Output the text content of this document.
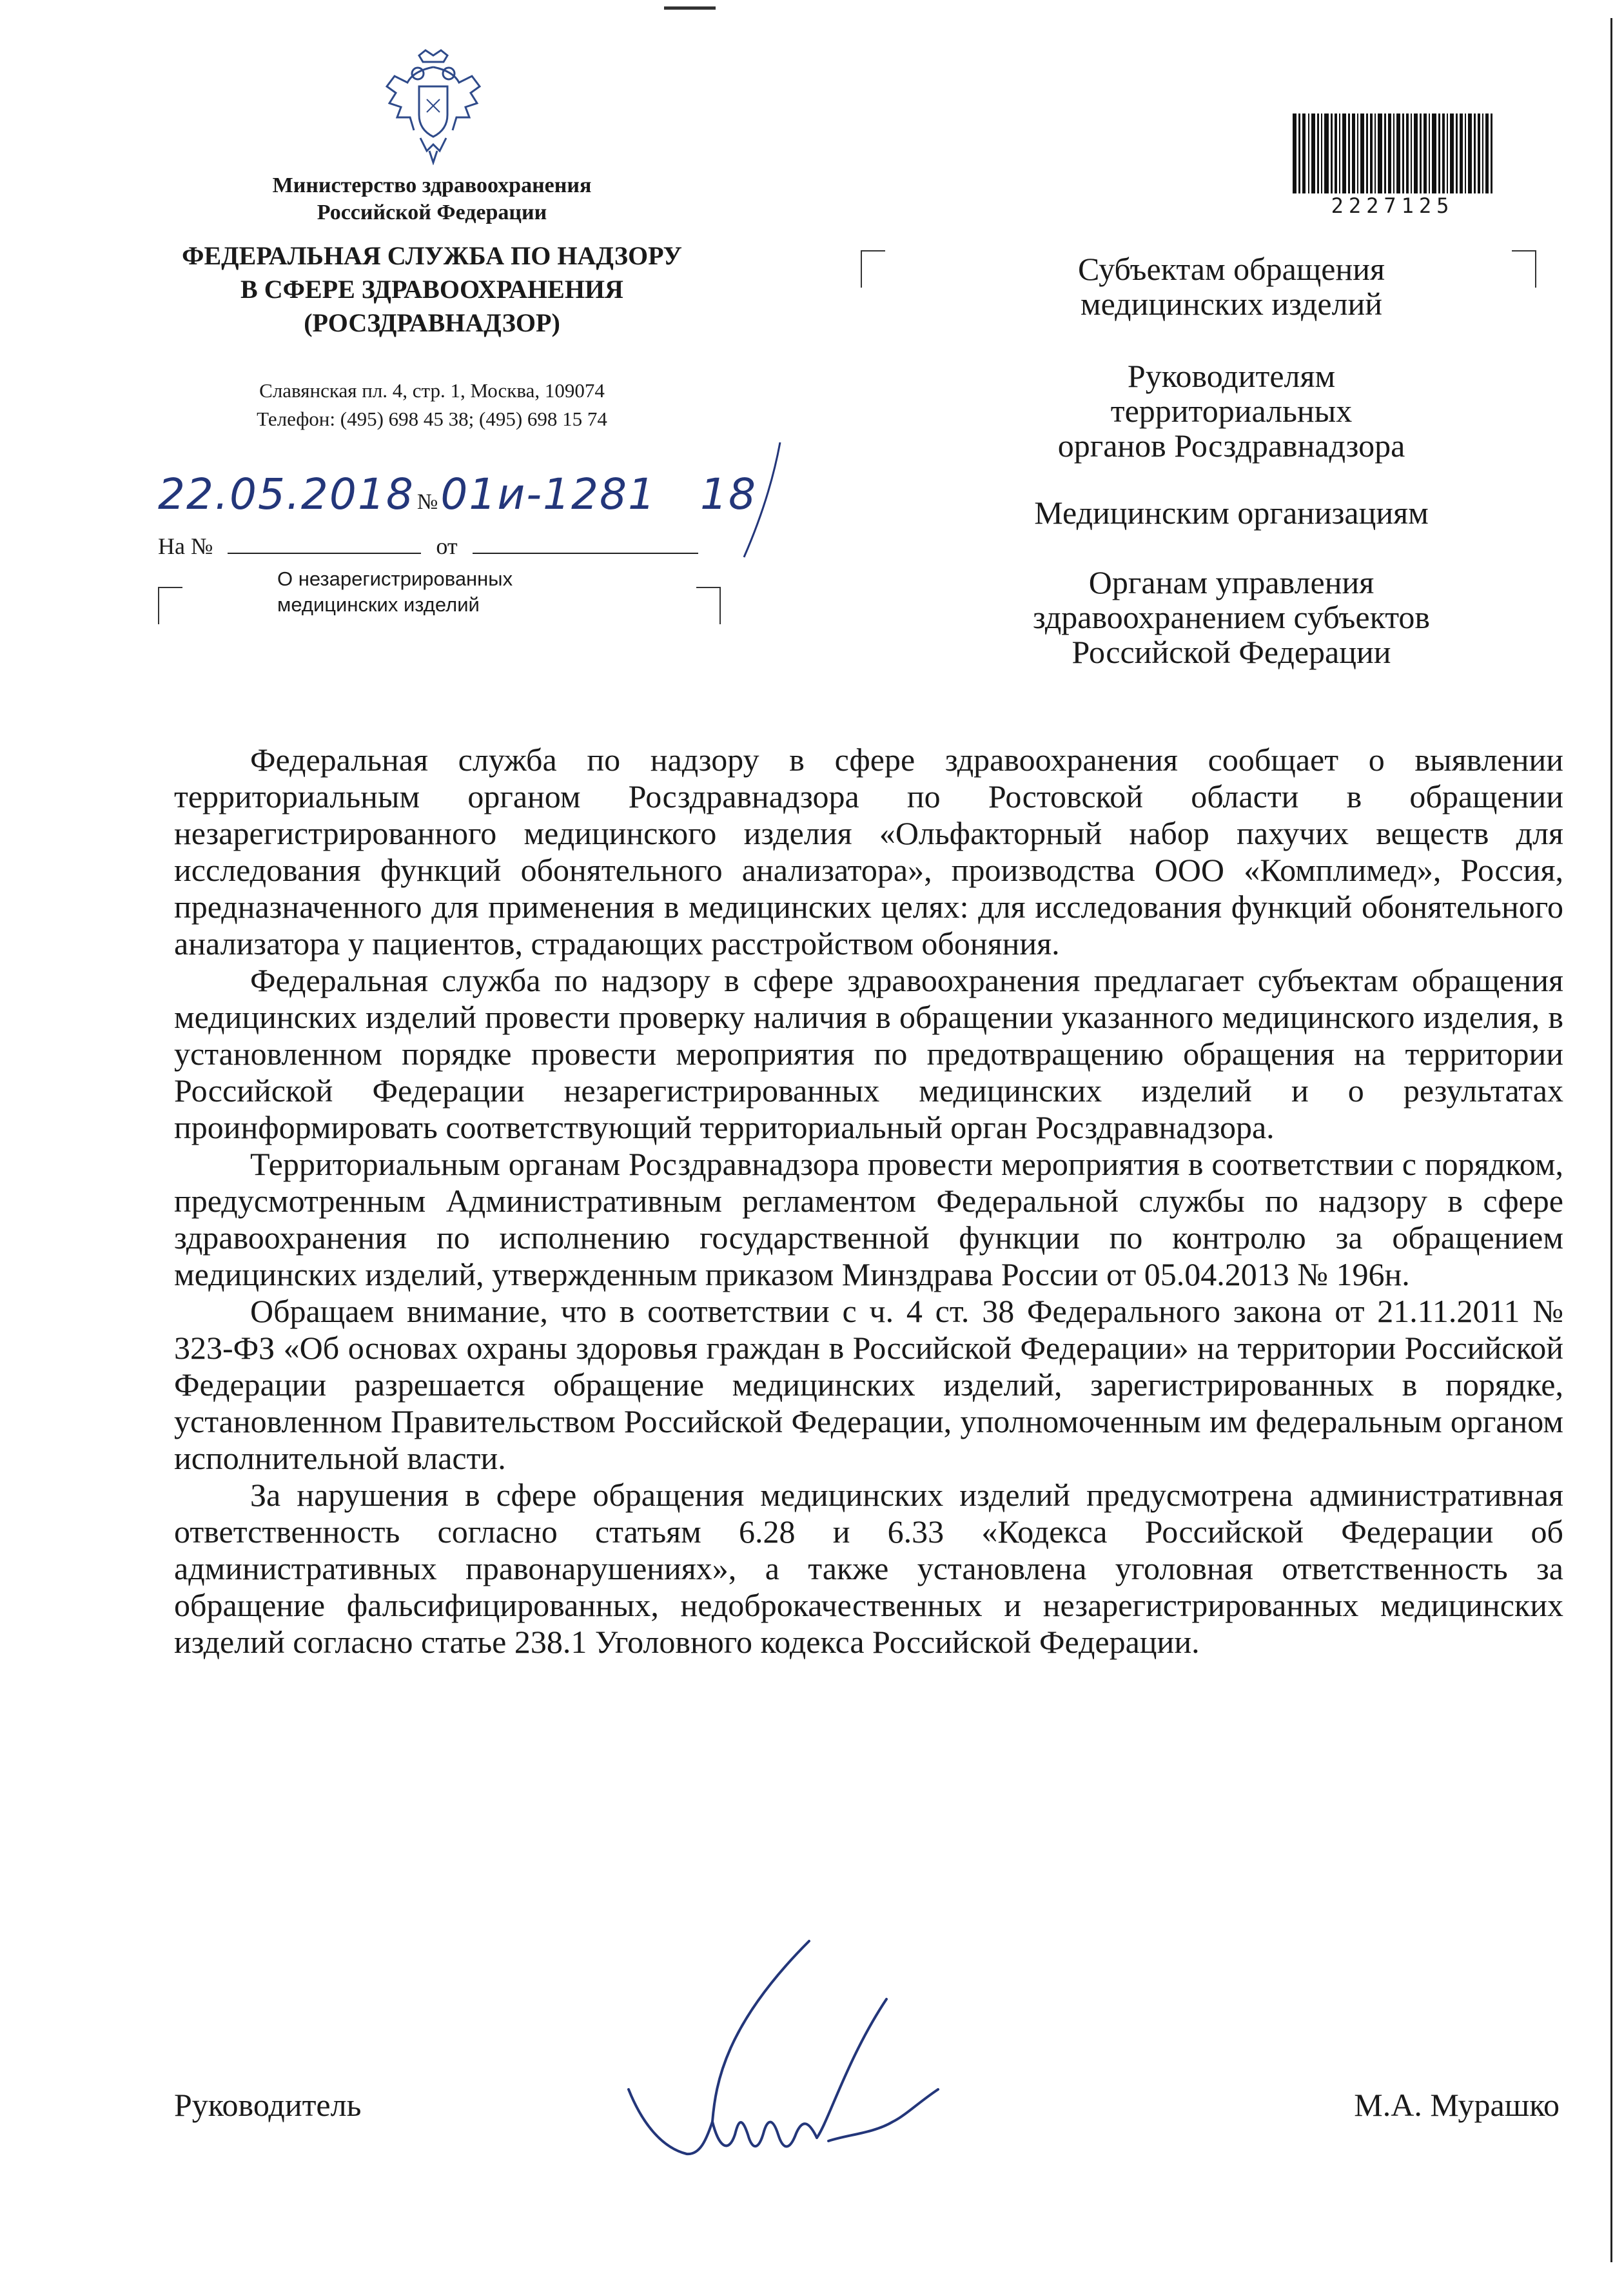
Министерство здравоохранения
Российской Федерации
ФЕДЕРАЛЬНАЯ СЛУЖБА ПО НАДЗОРУ
В СФЕРЕ ЗДРАВООХРАНЕНИЯ
(РОСЗДРАВНАДЗОР)
Славянская пл. 4, стр. 1, Москва, 109074
Телефон: (495) 698 45 38; (495) 698 15 74
22.05.2018 № 01и-1281 18
На №	от
О незарегистрированных
медицинских изделий
2227125
Субъектам обращения
медицинских изделий
Руководителям
территориальных
органов Росздравнадзора
Медицинским организациям
Органам управления
здравоохранением субъектов
Российской Федерации

Федеральная служба по надзору в сфере здравоохранения сообщает о выявлении территориальным органом Росздравнадзора по Ростовской области в обращении незарегистрированного медицинского изделия «Ольфакторный набор пахучих веществ для исследования функций обонятельного анализатора», производства ООО «Комплимед», Россия, предназначенного для применения в медицинских целях: для исследования функций обонятельного анализатора у пациентов, страдающих расстройством обоняния.

Федеральная служба по надзору в сфере здравоохранения предлагает субъектам обращения медицинских изделий провести проверку наличия в обращении указанного медицинского изделия, в установленном порядке провести мероприятия по предотвращению обращения на территории Российской Федерации незарегистрированных медицинских изделий и о результатах проинформировать соответствующий территориальный орган Росздравнадзора.

Территориальным органам Росздравнадзора провести мероприятия в соответствии с порядком, предусмотренным Административным регламентом Федеральной службы по надзору в сфере здравоохранения по исполнению государственной функции по контролю за обращением медицинских изделий, утвержденным приказом Минздрава России от 05.04.2013 № 196н.

Обращаем внимание, что в соответствии с ч. 4 ст. 38 Федерального закона от 21.11.2011 № 323-ФЗ «Об основах охраны здоровья граждан в Российской Федерации» на территории Российской Федерации разрешается обращение медицинских изделий, зарегистрированных в порядке, установленном Правительством Российской Федерации, уполномоченным им федеральным органом исполнительной власти.

За нарушения в сфере обращения медицинских изделий предусмотрена административная ответственность согласно статьям 6.28 и 6.33 «Кодекса Российской Федерации об административных правонарушениях», а также установлена уголовная ответственность за обращение фальсифицированных, недоброкачественных и незарегистрированных медицинских изделий согласно статье 238.1 Уголовного кодекса Российской Федерации.

Руководитель	М.А. Мурашко
